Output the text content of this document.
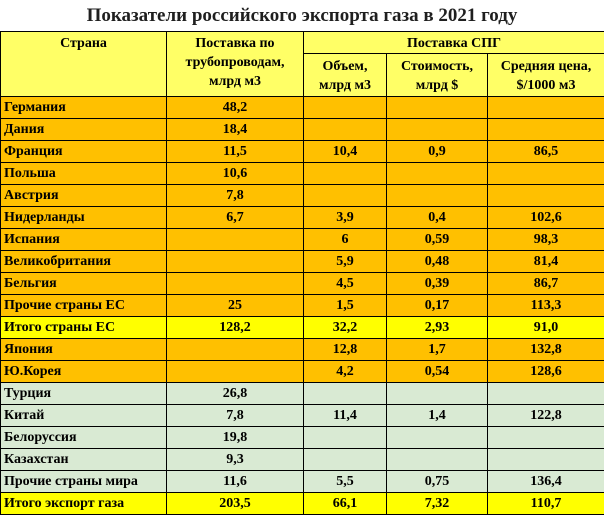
Показатели российского экспорта газа в 2021 году
Страна	Поставка по трубопроводам, млрд м3	Поставка СПГ		
		Объем, млрд м3	Стоимость, млрд $	Средняя цена, $/1000 м3
Германия	48,2			
Дания	18,4			
Франция	11,5	10,4	0,9	86,5
Польша	10,6			
Австрия	7,8			
Нидерланды	6,7	3,9	0,4	102,6
Испания		6	0,59	98,3
Великобритания		5,9	0,48	81,4
Бельгия		4,5	0,39	86,7
Прочие страны ЕС	25	1,5	0,17	113,3
Итого страны ЕС	128,2	32,2	2,93	91,0
Япония		12,8	1,7	132,8
Ю.Корея		4,2	0,54	128,6
Турция	26,8			
Китай	7,8	11,4	1,4	122,8
Белоруссия	19,8			
Казахстан	9,3			
Прочие страны мира	11,6	5,5	0,75	136,4
Итого экспорт газа	203,5	66,1	7,32	110,7
